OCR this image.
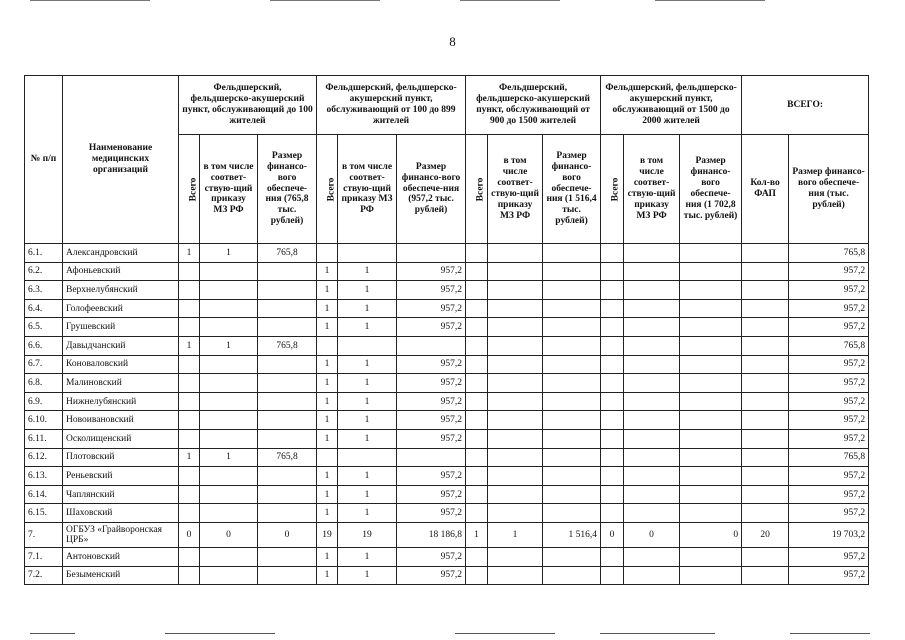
8
№ п/п	Наименование медицинских организаций	Фельдшерский, фельдшерско-акушерский пункт, обслуживающий до 100 жителей			Фельдшерский, фельдшерско-акушерский пункт, обслуживающий от 100 до 899 жителей			Фельдшерский, фельдшерско-акушерский пункт, обслуживающий от 900 до 1500 жителей			Фельдшерский, фельдшерско-акушерский пункт, обслуживающий от 1500 до 2000 жителей			ВСЕГО:	
		Всего	в том числе соответ-ствую-щий приказу МЗ РФ	Размер финансо-вого обеспече-ния (765,8 тыс. рублей)	Всего	в том числе соответ-ствую-щий приказу МЗ РФ	Размер финансо-вого обеспече-ния (957,2 тыс. рублей)	Всего	в том числе соответ-ствую-щий приказу МЗ РФ	Размер финансо-вого обеспече-ния (1 516,4 тыс. рублей)	Всего	в том числе соответ-ствую-щий приказу МЗ РФ	Размер финансо-вого обеспече-ния (1 702,8 тыс. рублей)	Кол-во ФАП	Размер финансо-вого обеспече-ния (тыс. рублей)
6.1.	Александровский	1	1	765,8											765,8
6.2.	Афоньевский				1	1	957,2								957,2
6.3.	Верхнелубянский				1	1	957,2								957,2
6.4.	Голофеевский				1	1	957,2								957,2
6.5.	Грушевский				1	1	957,2								957,2
6.6.	Давыдчанский	1	1	765,8											765,8
6.7.	Коноваловский				1	1	957,2								957,2
6.8.	Малиновский				1	1	957,2								957,2
6.9.	Нижнелубянский				1	1	957,2								957,2
6.10.	Новоивановский				1	1	957,2								957,2
6.11.	Осколищенский				1	1	957,2								957,2
6.12.	Плотовский	1	1	765,8											765,8
6.13.	Реньевский				1	1	957,2								957,2
6.14.	Чаплянский				1	1	957,2								957,2
6.15.	Шаховский				1	1	957,2								957,2
7.	ОГБУЗ «Грайворонская ЦРБ»	0	0	0	19	19	18 186,8	1	1	1 516,4	0	0	0	20	19 703,2
7.1.	Антоновский				1	1	957,2								957,2
7.2.	Безыменский				1	1	957,2								957,2
